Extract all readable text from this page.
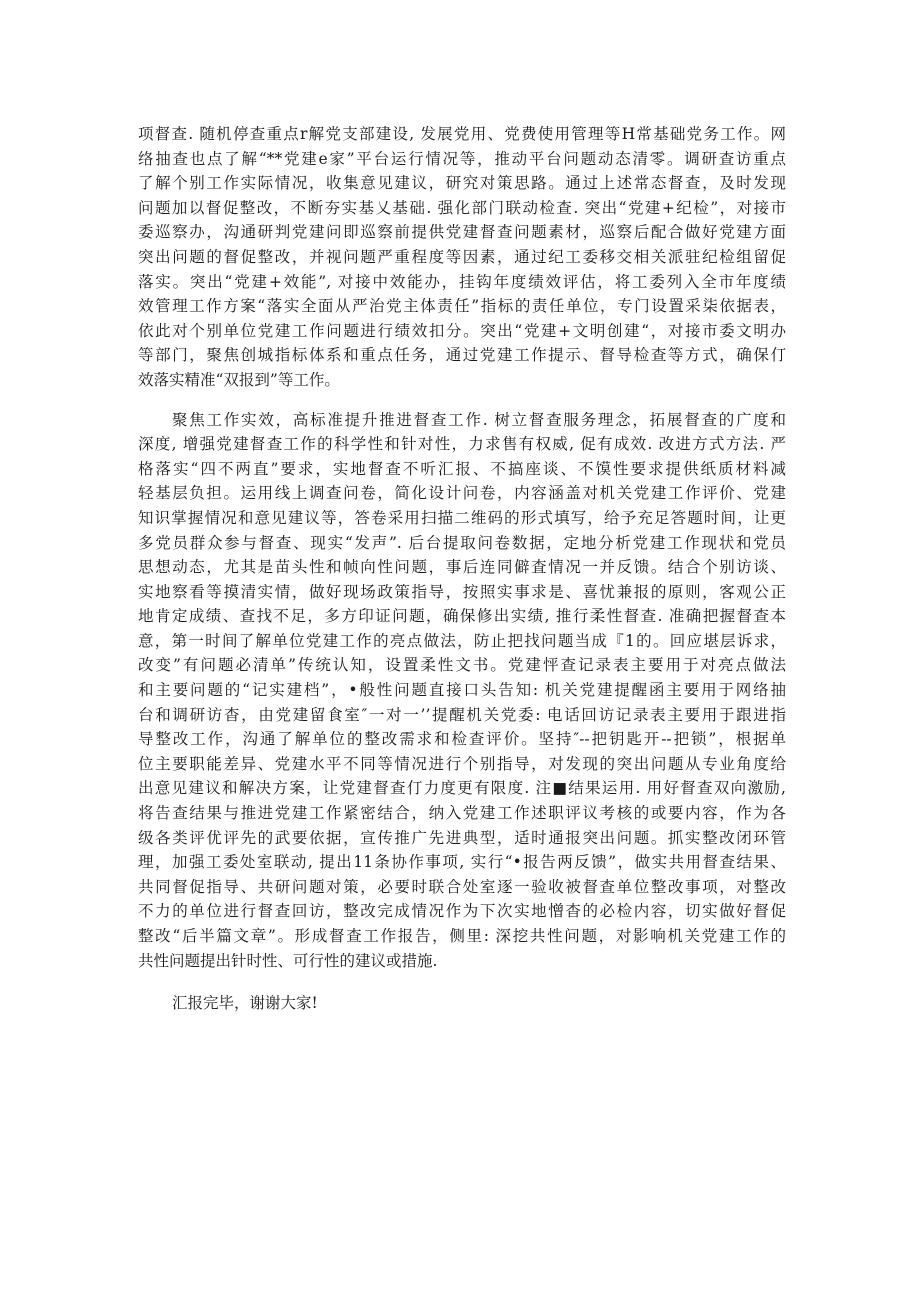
项督查. 随机停查重点r解党支部建设, 发展党用、党费使用管理等H常基础党务工作。网
络抽查也点了解“**党建e家”平台运行情况等，推动平台问题动态清零。调研查访重点
了解个别工作实际情况，收集意见建议，研究对策思路。通过上述常态督查，及时发现
问题加以督促整改，不断夯实基乂基础. 强化部门联动检查. 突出“党建+纪检”，对接市
委巡察办，沟通研判党建问即巡察前提供党建督查问题素材，巡察后配合做好党建方面
突出问题的督促整改，并视问题严重程度等因素，通过纪工委移交相关派驻纪检组留促
落实。突出“党建+效能”, 对接中效能办，挂钩年度绩效评估，将工委列入全市年度绩
效管理工作方案“落实全面从严治党主体责任”指标的责任单位，专门设置采柒依据表，
依此对个别单位党建工作问题进行绩效扣分。突出“党建+文明创建“，对接市委文明办
等部门，聚焦创城指标体系和重点任务，通过党建工作提示、督导检查等方式，确保仃
效落实精准“双报到”等工作。
聚焦工作实效，高标准提升推进督查工作. 树立督查服务理念，拓展督查的广度和
深度, 增强党建督查工作的科学性和针对性，力求售有权威, 促有成效. 改进方式方法. 严
格落实“四不两直”要求，实地督查不听汇报、不搞座谈、不馍性要求提供纸质材料减
轻基层负担。运用线上调查问卷，简化设计问卷，内容涵盖对机关党建工作评价、党建
知识掌握情况和意见建议等，答卷采用扫描二维码的形式填写，给予充足答题时间，让更
多党员群众参与督查、现实“发声”. 后台提取问卷数据，定地分析党建工作现状和党员
思想动态，尤其是苗头性和帧向性问题，事后连同僻査情况一并反馈。结合个别访谈、
实地察看等摸清实情，做好现场政策指导，按照实事求是、喜忧兼报的原则，客观公正
地肯定成绩、查找不足，多方印证问题，确保修出实绩, 推行柔性督查. 准确把握督查本
意，第一时间了解单位党建工作的亮点做法，防止把找问题当成『1的。回应堪层诉求，
改变”有问题必清单”传统认知，设置柔性文书。党建怦查记录表主要用于对亮点做法
和主要问题的“记实建档”，•般性问题直接口头告知: 机关党建提醒函主要用于网络抽
台和调研访杳，由党建留食室″一对一’’提醒机关党委: 电话回访记录表主要用于跟进指
导整改工作，沟通了解单位的整改需求和检查评价。坚持″--把钥匙开--把锁”，根据单
位主要职能差异、党建水平不同等情况进行个别指导，对发现的突出问题从专业角度给
出意见建议和解决方案，让党建督查仃力度更有限度. 注■结果运用. 用好督查双向激励,
将告查结果与推进党建工作紧密结合，纳入党建工作述职评议考核的或要内容，作为各
级各类评优评先的武要依据，宣传推广先进典型，适时通报突出问题。抓实整改闭环管
理，加强工委处室联动, 提出11条协作事项, 实行“•报告两反馈”，做实共用督查结果、
共同督促指导、共研问题对策，必要时联合处室逐一验收被督查单位整改事项，对整改
不力的单位进行督查回访，整改完成情况作为下次实地憎杳的必检内容，切实做好督促
整改“后半篇文章”。形成督查工作报告，侧里: 深挖共性问题，对影响机关党建工作的
共性问题提出针时性、可行性的建议或措施.
汇报完毕，谢谢大家!
